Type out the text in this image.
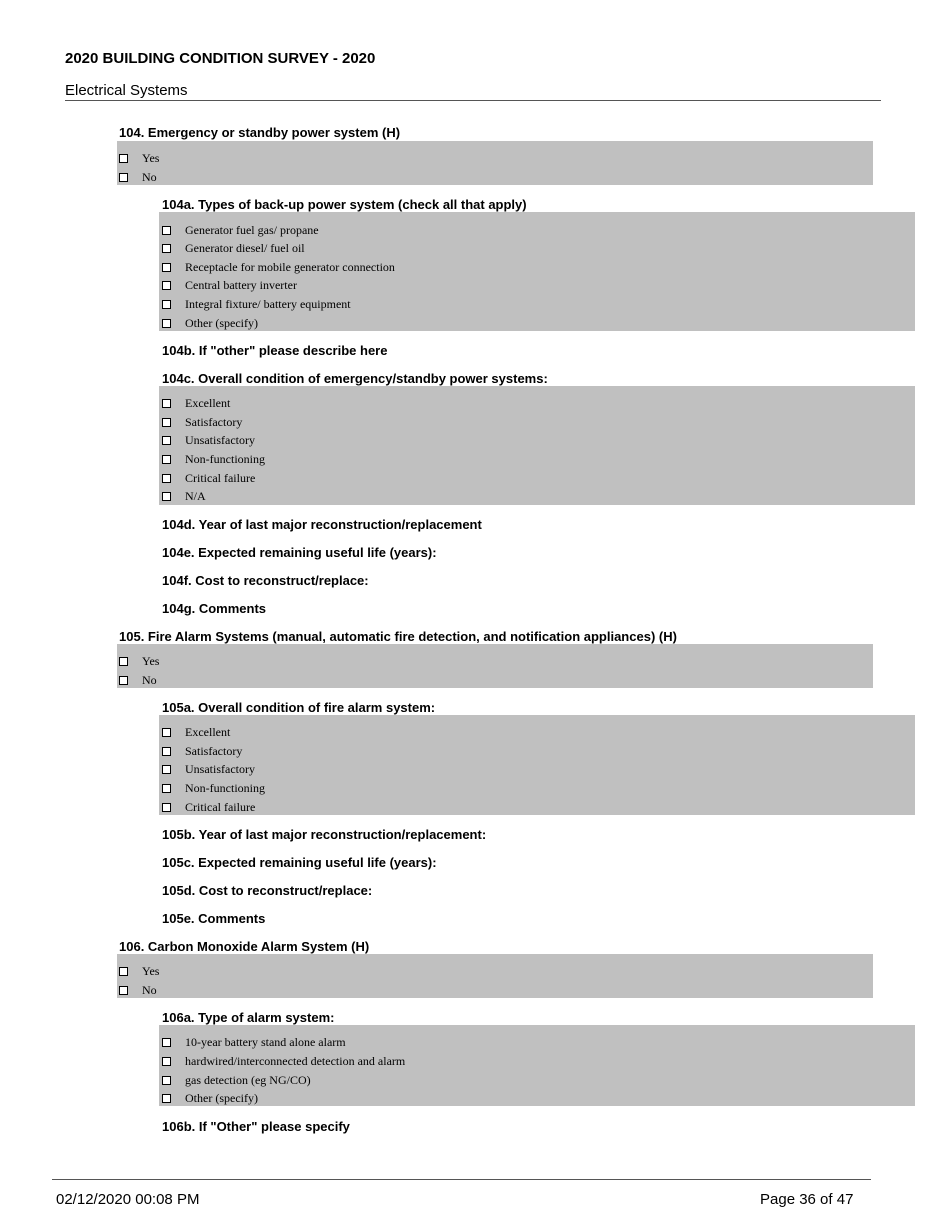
2020 BUILDING CONDITION SURVEY - 2020
Electrical Systems
104. Emergency or standby power system (H)
Yes
No
104a. Types of back-up power system (check all that apply)
Generator fuel gas/ propane
Generator diesel/ fuel oil
Receptacle for mobile generator connection
Central battery inverter
Integral fixture/ battery equipment
Other (specify)
104b. If "other" please describe here
104c. Overall condition of emergency/standby power systems:
Excellent
Satisfactory
Unsatisfactory
Non-functioning
Critical failure
N/A
104d. Year of last major reconstruction/replacement
104e. Expected remaining useful life (years):
104f. Cost to reconstruct/replace:
104g. Comments
105. Fire Alarm Systems (manual, automatic fire detection, and notification appliances) (H)
Yes
No
105a. Overall condition of fire alarm system:
Excellent
Satisfactory
Unsatisfactory
Non-functioning
Critical failure
105b. Year of last major reconstruction/replacement:
105c. Expected remaining useful life (years):
105d. Cost to reconstruct/replace:
105e. Comments
106. Carbon Monoxide Alarm System (H)
Yes
No
106a. Type of alarm system:
10-year battery stand alone alarm
hardwired/interconnected detection and alarm
gas detection (eg NG/CO)
Other (specify)
106b. If "Other" please specify
02/12/2020 00:08 PM	Page 36 of 47
